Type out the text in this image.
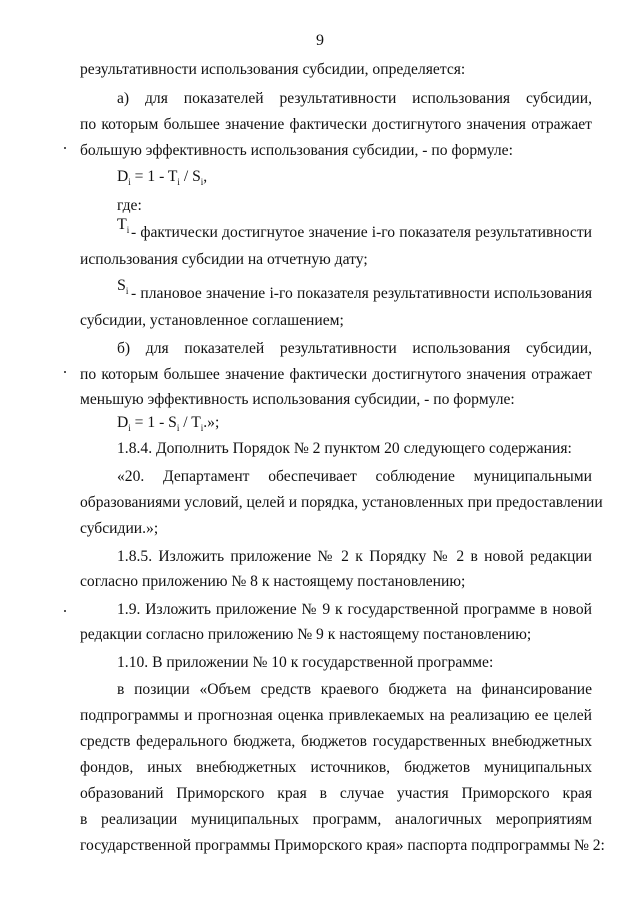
9
результативности использования субсидии, определяется:
а) для показателей результативности использования субсидии,
по которым большее значение фактически достигнутого значения отражает
большую эффективность использования субсидии, - по формуле:
$D_i = 1 - T_i / S_i$,
где:
$T_i$ - фактически достигнутое значение i-го показателя результативности
использования субсидии на отчетную дату;
$S_i$ - плановое значение i-го показателя результативности использования
субсидии, установленное соглашением;
б) для показателей результативности использования субсидии,
по которым большее значение фактически достигнутого значения отражает
меньшую эффективность использования субсидии, - по формуле:
$D_i = 1 - S_i / T_i$.»;
1.8.4. Дополнить Порядок № 2 пунктом 20 следующего содержания:
«20. Департамент обеспечивает соблюдение муниципальными
образованиями условий, целей и порядка, установленных при предоставлении
субсидии.»;
1.8.5. Изложить приложение № 2 к Порядку № 2 в новой редакции
согласно приложению № 8 к настоящему постановлению;
1.9. Изложить приложение № 9 к государственной программе в новой
редакции согласно приложению № 9 к настоящему постановлению;
1.10. В приложении № 10 к государственной программе:
в позиции «Объем средств краевого бюджета на финансирование
подпрограммы и прогнозная оценка привлекаемых на реализацию ее целей
средств федерального бюджета, бюджетов государственных внебюджетных
фондов, иных внебюджетных источников, бюджетов муниципальных
образований Приморского края в случае участия Приморского края
в реализации муниципальных программ, аналогичных мероприятиям
государственной программы Приморского края» паспорта подпрограммы № 2:
